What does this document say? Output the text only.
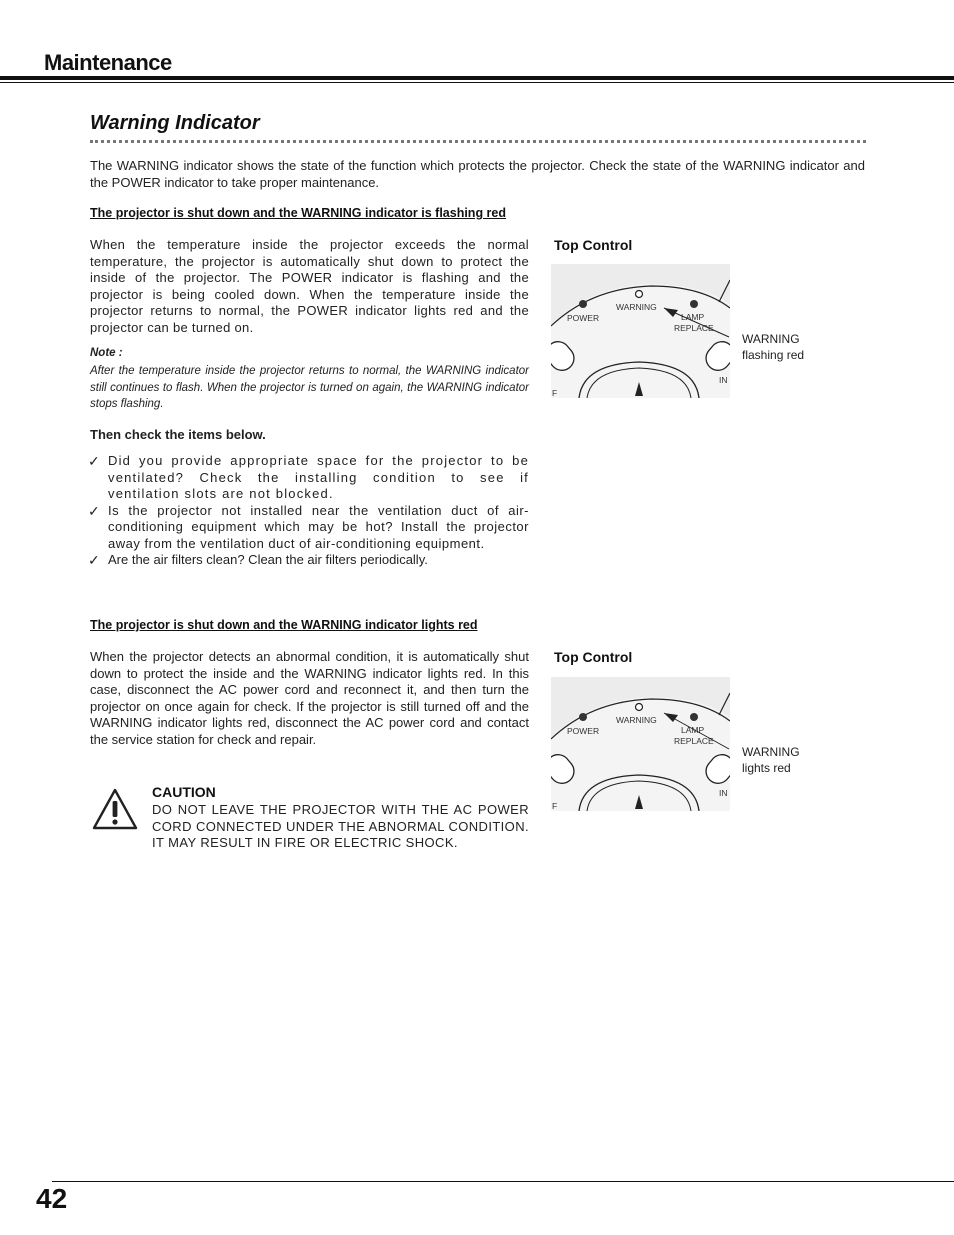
Maintenance
Warning Indicator
The WARNING indicator shows the state of the function which protects the projector. Check the state of the WARNING indicator and the POWER indicator to take proper maintenance.
The projector is shut down and the WARNING indicator is flashing red
When the temperature inside the projector exceeds the normal temperature, the projector is automatically shut down to protect the inside of the projector. The POWER indicator is flashing and the projector is being cooled down. When the temperature inside the projector returns to normal, the POWER indicator lights red and the projector can be turned on.
Note :
After the temperature inside the projector returns to normal, the WARNING indicator still continues to flash. When the projector is turned on again, the WARNING indicator stops flashing.
Then check the items below.
✓ Did you provide appropriate space for the projector to be ventilated? Check the installing condition to see if ventilation slots are not blocked.
✓ Is the projector not installed near the ventilation duct of air-conditioning equipment which may be hot? Install the projector away from the ventilation duct of air-conditioning equipment.
✓ Are the air filters clean? Clean the air filters periodically.
Top Control
POWER
WARNING
LAMP
REPLACE
F
IN
WARNING
flashing red
The projector is shut down and the WARNING indicator lights red
When the projector detects an abnormal condition, it is automatically shut down to protect the inside and the WARNING indicator lights red. In this case, disconnect the AC power cord and reconnect it, and then turn the projector on once again for check. If the projector is still turned off and the WARNING indicator lights red, disconnect the AC power cord and contact the service station for check and repair.
Top Control
POWER
WARNING
LAMP
REPLACE
F
IN
WARNING
lights red
CAUTION
DO NOT LEAVE THE PROJECTOR WITH THE AC POWER CORD CONNECTED UNDER THE ABNORMAL CONDITION. IT MAY RESULT IN FIRE OR ELECTRIC SHOCK.
42
